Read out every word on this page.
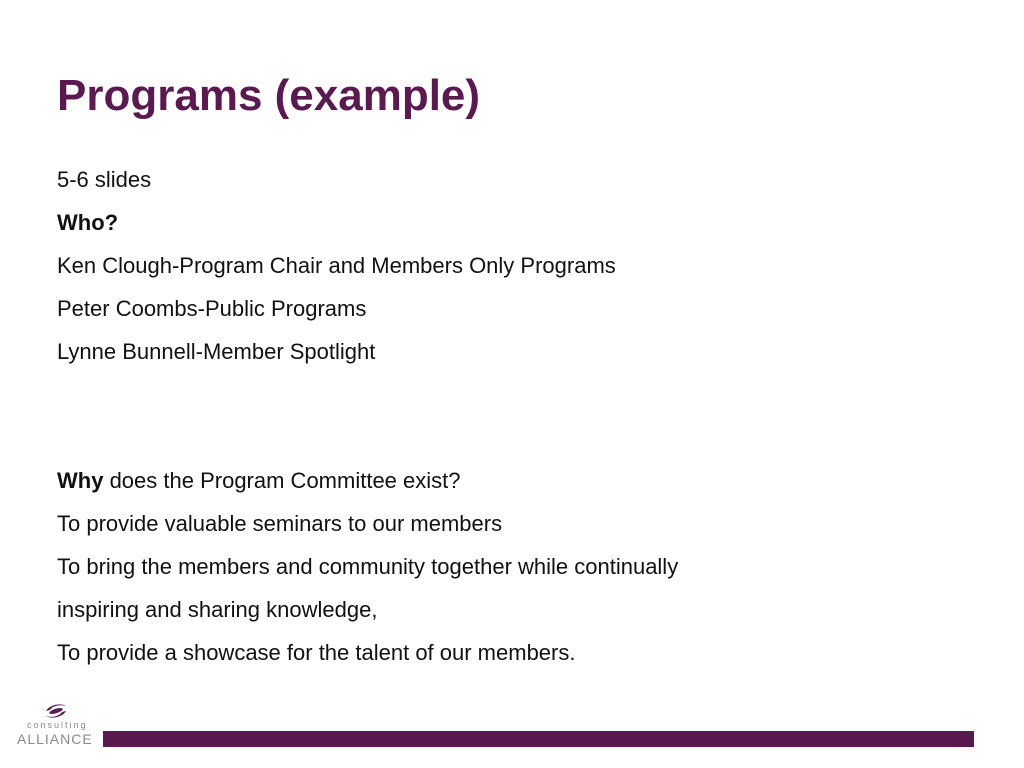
Programs (example)
5-6 slides
Who?
Ken Clough-Program Chair and Members Only Programs
Peter Coombs-Public Programs
Lynne Bunnell-Member Spotlight
Why does the Program Committee exist?
To provide valuable seminars to our members
To bring the members and community together while continually
inspiring and sharing knowledge,
To provide a showcase for the talent of our members.
consulting
ALLIANCE
